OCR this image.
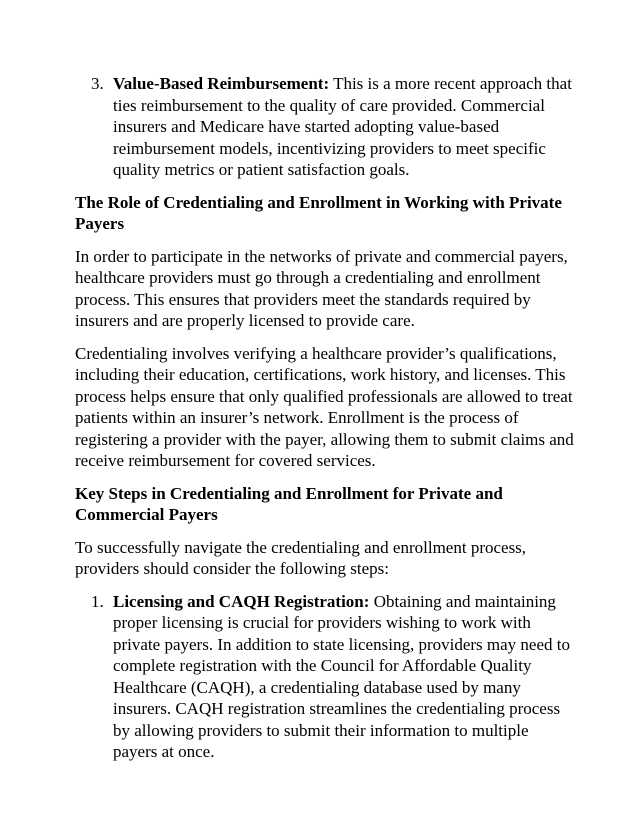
3. Value-Based Reimbursement: This is a more recent approach that ties reimbursement to the quality of care provided. Commercial insurers and Medicare have started adopting value-based reimbursement models, incentivizing providers to meet specific quality metrics or patient satisfaction goals.

The Role of Credentialing and Enrollment in Working with Private Payers

In order to participate in the networks of private and commercial payers, healthcare providers must go through a credentialing and enrollment process. This ensures that providers meet the standards required by insurers and are properly licensed to provide care.

Credentialing involves verifying a healthcare provider’s qualifications, including their education, certifications, work history, and licenses. This process helps ensure that only qualified professionals are allowed to treat patients within an insurer’s network. Enrollment is the process of registering a provider with the payer, allowing them to submit claims and receive reimbursement for covered services.

Key Steps in Credentialing and Enrollment for Private and Commercial Payers

To successfully navigate the credentialing and enrollment process, providers should consider the following steps:

1. Licensing and CAQH Registration: Obtaining and maintaining proper licensing is crucial for providers wishing to work with private payers. In addition to state licensing, providers may need to complete registration with the Council for Affordable Quality Healthcare (CAQH), a credentialing database used by many insurers. CAQH registration streamlines the credentialing process by allowing providers to submit their information to multiple payers at once.
